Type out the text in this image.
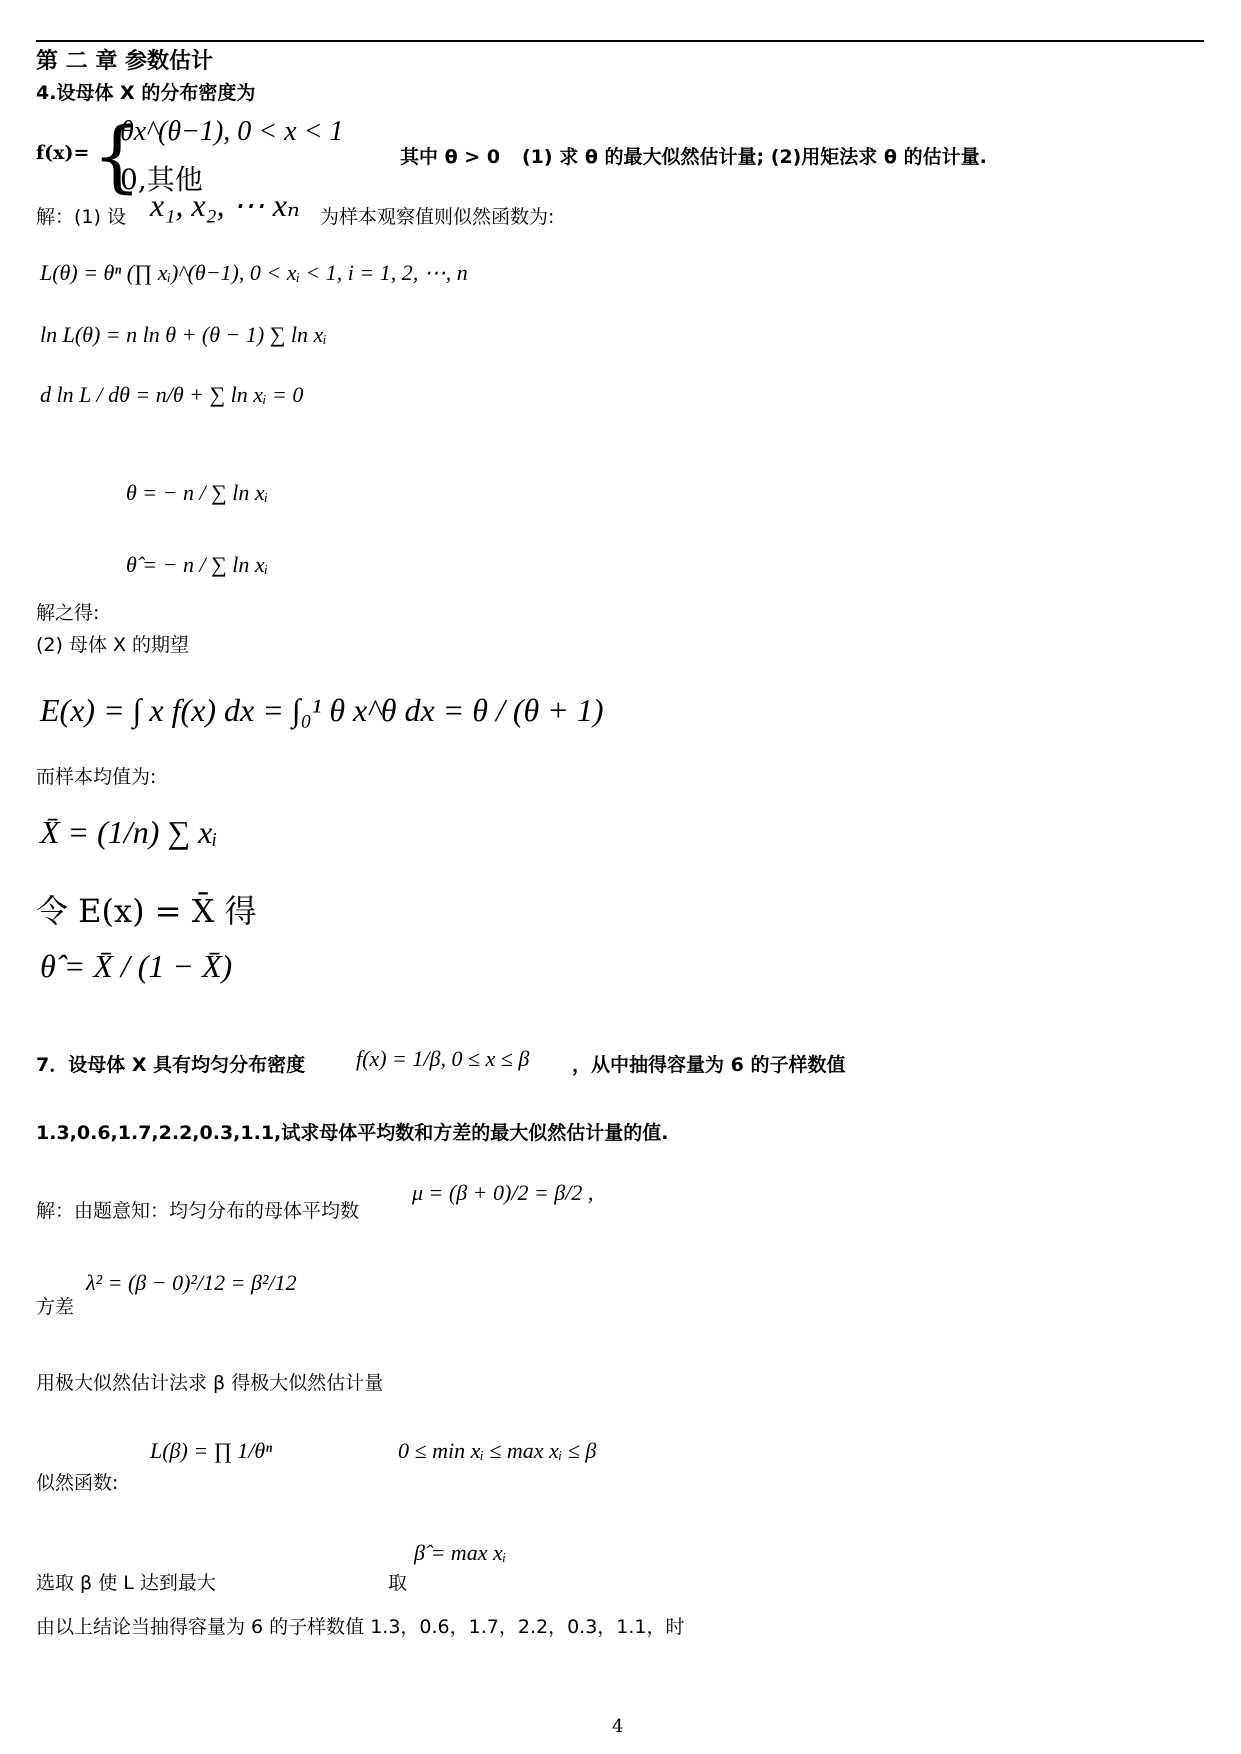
第 二 章 参数估计
4.设母体 X 的分布密度为
f(x)= {
θx^(θ−1), 0 < x < 1
0,其他
其中 θ > 0 (1) 求 θ 的最大似然估计量; (2)用矩法求 θ 的估计量.
解：(1) 设 x₁, x₂, ⋯ xₙ 为样本观察值则似然函数为:
L(θ) = θⁿ (∏ xᵢ)^(θ−1), 0 < xᵢ < 1, i = 1, 2, ⋯, n
ln L(θ) = n ln θ + (θ − 1) ∑ ln xᵢ
d ln L / dθ = n/θ + ∑ ln xᵢ = 0
θ = − n / ∑ ln xᵢ
θ̂ = − n / ∑ ln xᵢ
解之得:
(2) 母体 X 的期望
E(x) = ∫ x f(x) dx = ∫₀¹ θ x^θ dx = θ / (θ + 1)
而样本均值为:
X̄ = (1/n) ∑ xᵢ
令 E(x) = X̄ 得
θ̂ = X̄ / (1 − X̄)
7．设母体 X 具有均匀分布密度 f(x) = 1/β, 0 ≤ x ≤ β ，从中抽得容量为 6 的子样数值
1.3,0.6,1.7,2.2,0.3,1.1,试求母体平均数和方差的最大似然估计量的值.
解：由题意知：均匀分布的母体平均数
μ = (β + 0)/2 = β/2 ,
方差
λ² = (β − 0)²/12 = β²/12
用极大似然估计法求 β 得极大似然估计量
似然函数:
L(β) = ∏ 1/θⁿ	0 ≤ min xᵢ ≤ max xᵢ ≤ β
选取 β 使 L 达到最大	取
β̂ = max xᵢ
由以上结论当抽得容量为 6 的子样数值 1.3，0.6，1.7，2.2，0.3，1.1，时
4
